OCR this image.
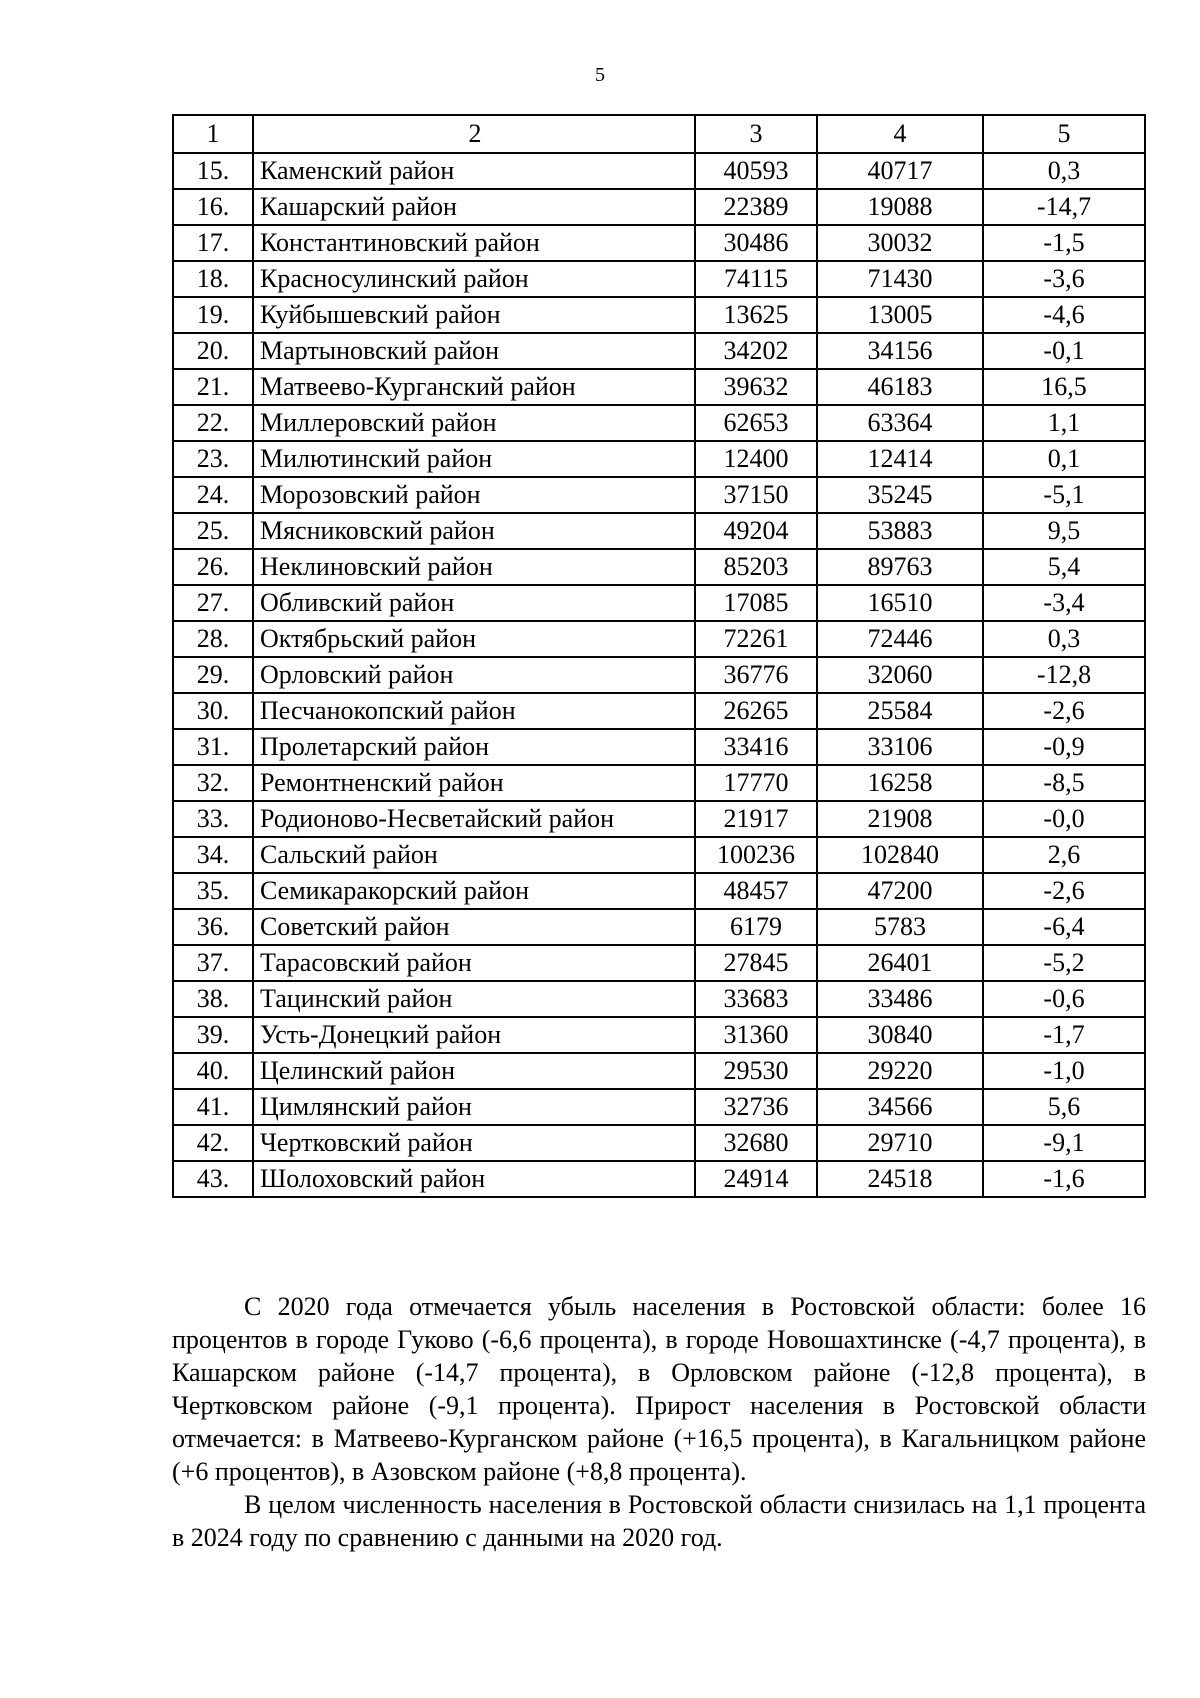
5
1	2	3	4	5
15.	Каменский район	40593	40717	0,3
16.	Кашарский район	22389	19088	-14,7
17.	Константиновский район	30486	30032	-1,5
18.	Красносулинский район	74115	71430	-3,6
19.	Куйбышевский район	13625	13005	-4,6
20.	Мартыновский район	34202	34156	-0,1
21.	Матвеево-Курганский район	39632	46183	16,5
22.	Миллеровский район	62653	63364	1,1
23.	Милютинский район	12400	12414	0,1
24.	Морозовский район	37150	35245	-5,1
25.	Мясниковский район	49204	53883	9,5
26.	Неклиновский район	85203	89763	5,4
27.	Обливский район	17085	16510	-3,4
28.	Октябрьский район	72261	72446	0,3
29.	Орловский район	36776	32060	-12,8
30.	Песчанокопский район	26265	25584	-2,6
31.	Пролетарский район	33416	33106	-0,9
32.	Ремонтненский район	17770	16258	-8,5
33.	Родионово-Несветайский район	21917	21908	-0,0
34.	Сальский район	100236	102840	2,6
35.	Семикаракорский район	48457	47200	-2,6
36.	Советский район	6179	5783	-6,4
37.	Тарасовский район	27845	26401	-5,2
38.	Тацинский район	33683	33486	-0,6
39.	Усть-Донецкий район	31360	30840	-1,7
40.	Целинский район	29530	29220	-1,0
41.	Цимлянский район	32736	34566	5,6
42.	Чертковский район	32680	29710	-9,1
43.	Шолоховский район	24914	24518	-1,6

С 2020 года отмечается убыль населения в Ростовской области: более 16 процентов в городе Гуково (-6,6 процента), в городе Новошахтинске (-4,7 процента), в Кашарском районе (-14,7 процента), в Орловском районе (-12,8 процента), в Чертковском районе (-9,1 процента). Прирост населения в Ростовской области отмечается: в Матвеево-Курганском районе (+16,5 процента), в Кагальницком районе (+6 процентов), в Азовском районе (+8,8 процента).

В целом численность населения в Ростовской области снизилась на 1,1 процента в 2024 году по сравнению с данными на 2020 год.
